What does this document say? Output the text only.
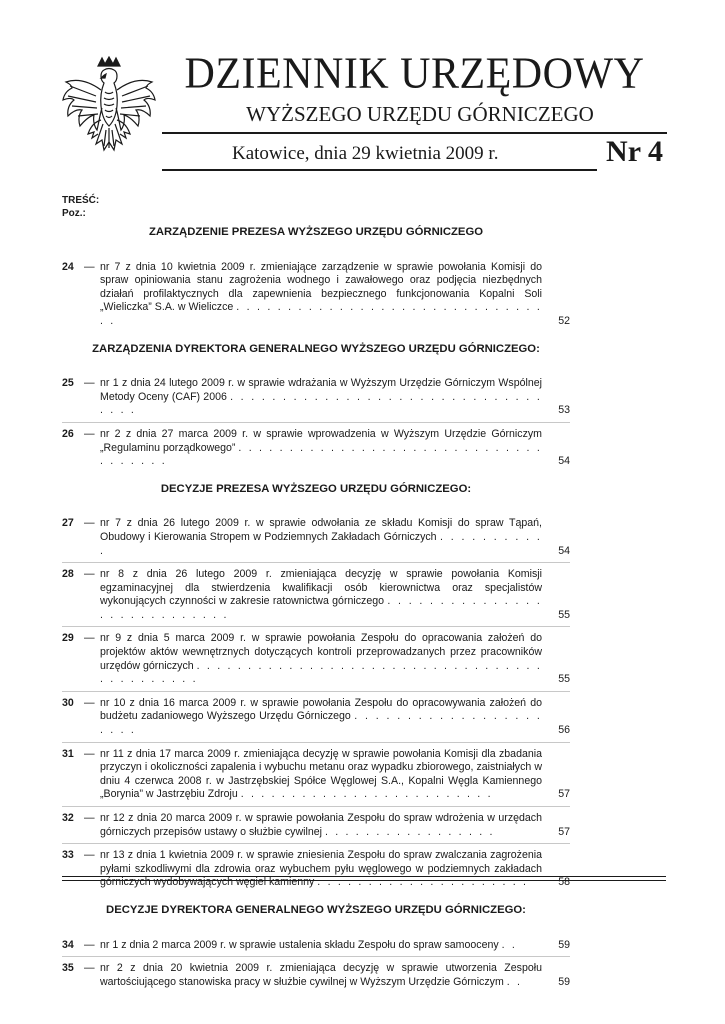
DZIENNIK URZĘDOWY
WYŻSZEGO URZĘDU GÓRNICZEGO
Katowice, dnia 29 kwietnia 2009 r.	Nr 4
TREŚĆ:
Poz.:
ZARZĄDZENIE PREZESA WYŻSZEGO URZĘDU GÓRNICZEGO
24 — nr 7 z dnia 10 kwietnia 2009 r. zmieniające zarządzenie w sprawie powołania Komisji do spraw opiniowania stanu zagrożenia wodnego i zawałowego oraz podjęcia niezbędnych działań profilaktycznych dla zapewnienia bezpiecznego funkcjonowania Kopalni Soli „Wieliczka” S.A. w Wieliczce . . . . . . . . . . . . . . . . . . . . . . . . . . . . . . . .	52
ZARZĄDZENIA DYREKTORA GENERALNEGO WYŻSZEGO URZĘDU GÓRNICZEGO:
25 — nr 1 z dnia 24 lutego 2009 r. w sprawie wdrażania w Wyższym Urzędzie Górniczym Wspólnej Metody Oceny (CAF) 2006 . . . . . . . . . . . . . . . . . . . . . . . . . . . . . . . . . .	53
26 — nr 2 z dnia 27 marca 2009 r. w sprawie wprowadzenia w Wyższym Urzędzie Górniczym „Regulaminu porządkowego” . . . . . . . . . . . . . . . . . . . . . . . . . . . . . . . . . . . . .	54
DECYZJE PREZESA WYŻSZEGO URZĘDU GÓRNICZEGO:
27 — nr 7 z dnia 26 lutego 2009 r. w sprawie odwołania ze składu Komisji do spraw Tąpań, Obudowy i Kierowania Stropem w Podziemnych Zakładach Górniczych . . . . . . . . . . .	54
28 — nr 8 z dnia 26 lutego 2009 r. zmieniająca decyzję w sprawie powołania Komisji egzaminacyjnej dla stwierdzenia kwalifikacji osób kierownictwa oraz specjalistów wykonujących czynności w zakresie ratownictwa górniczego . . . . . . . . . . . . . . . . . . . . . . . . . . . .	55
29 — nr 9 z dnia 5 marca 2009 r. w sprawie powołania Zespołu do opracowania założeń do projektów aktów wewnętrznych dotyczących kontroli przeprowadzanych przez pracowników urzędów górniczych . . . . . . . . . . . . . . . . . . . . . . . . . . . . . . . . . . . . . . . . . . . .	55
30 — nr 10 z dnia 16 marca 2009 r. w sprawie powołania Zespołu do opracowywania założeń do budżetu zadaniowego Wyższego Urzędu Górniczego . . . . . . . . . . . . . . . . . . . . . .	56
31 — nr 11 z dnia 17 marca 2009 r. zmieniająca decyzję w sprawie powołania Komisji dla zbadania przyczyn i okoliczności zapalenia i wybuchu metanu oraz wypadku zbiorowego, zaistniałych w dniu 4 czerwca 2008 r. w Jastrzębskiej Spółce Węglowej S.A., Kopalni Węgla Kamiennego „Borynia” w Jastrzębiu Zdroju . . . . . . . . . . . . . . . . . . . . . . . . .	57
32 — nr 12 z dnia 20 marca 2009 r. w sprawie powołania Zespołu do spraw wdrożenia w urzędach górniczych przepisów ustawy o służbie cywilnej . . . . . . . . . . . . . . . . .	57
33 — nr 13 z dnia 1 kwietnia 2009 r. w sprawie zniesienia Zespołu do spraw zwalczania zagrożenia pyłami szkodliwymi dla zdrowia oraz wybuchem pyłu węglowego w podziemnych zakładach górniczych wydobywających węgiel kamienny . . . . . . . . . . . . . . . . . . . . .	58
DECYZJE DYREKTORA GENERALNEGO WYŻSZEGO URZĘDU GÓRNICZEGO:
34 — nr 1 z dnia 2 marca 2009 r. w sprawie ustalenia składu Zespołu do spraw samooceny . .	59
35 — nr 2 z dnia 20 kwietnia 2009 r. zmieniająca decyzję w sprawie utworzenia Zespołu wartościującego stanowiska pracy w służbie cywilnej w Wyższym Urzędzie Górniczym . .	59
